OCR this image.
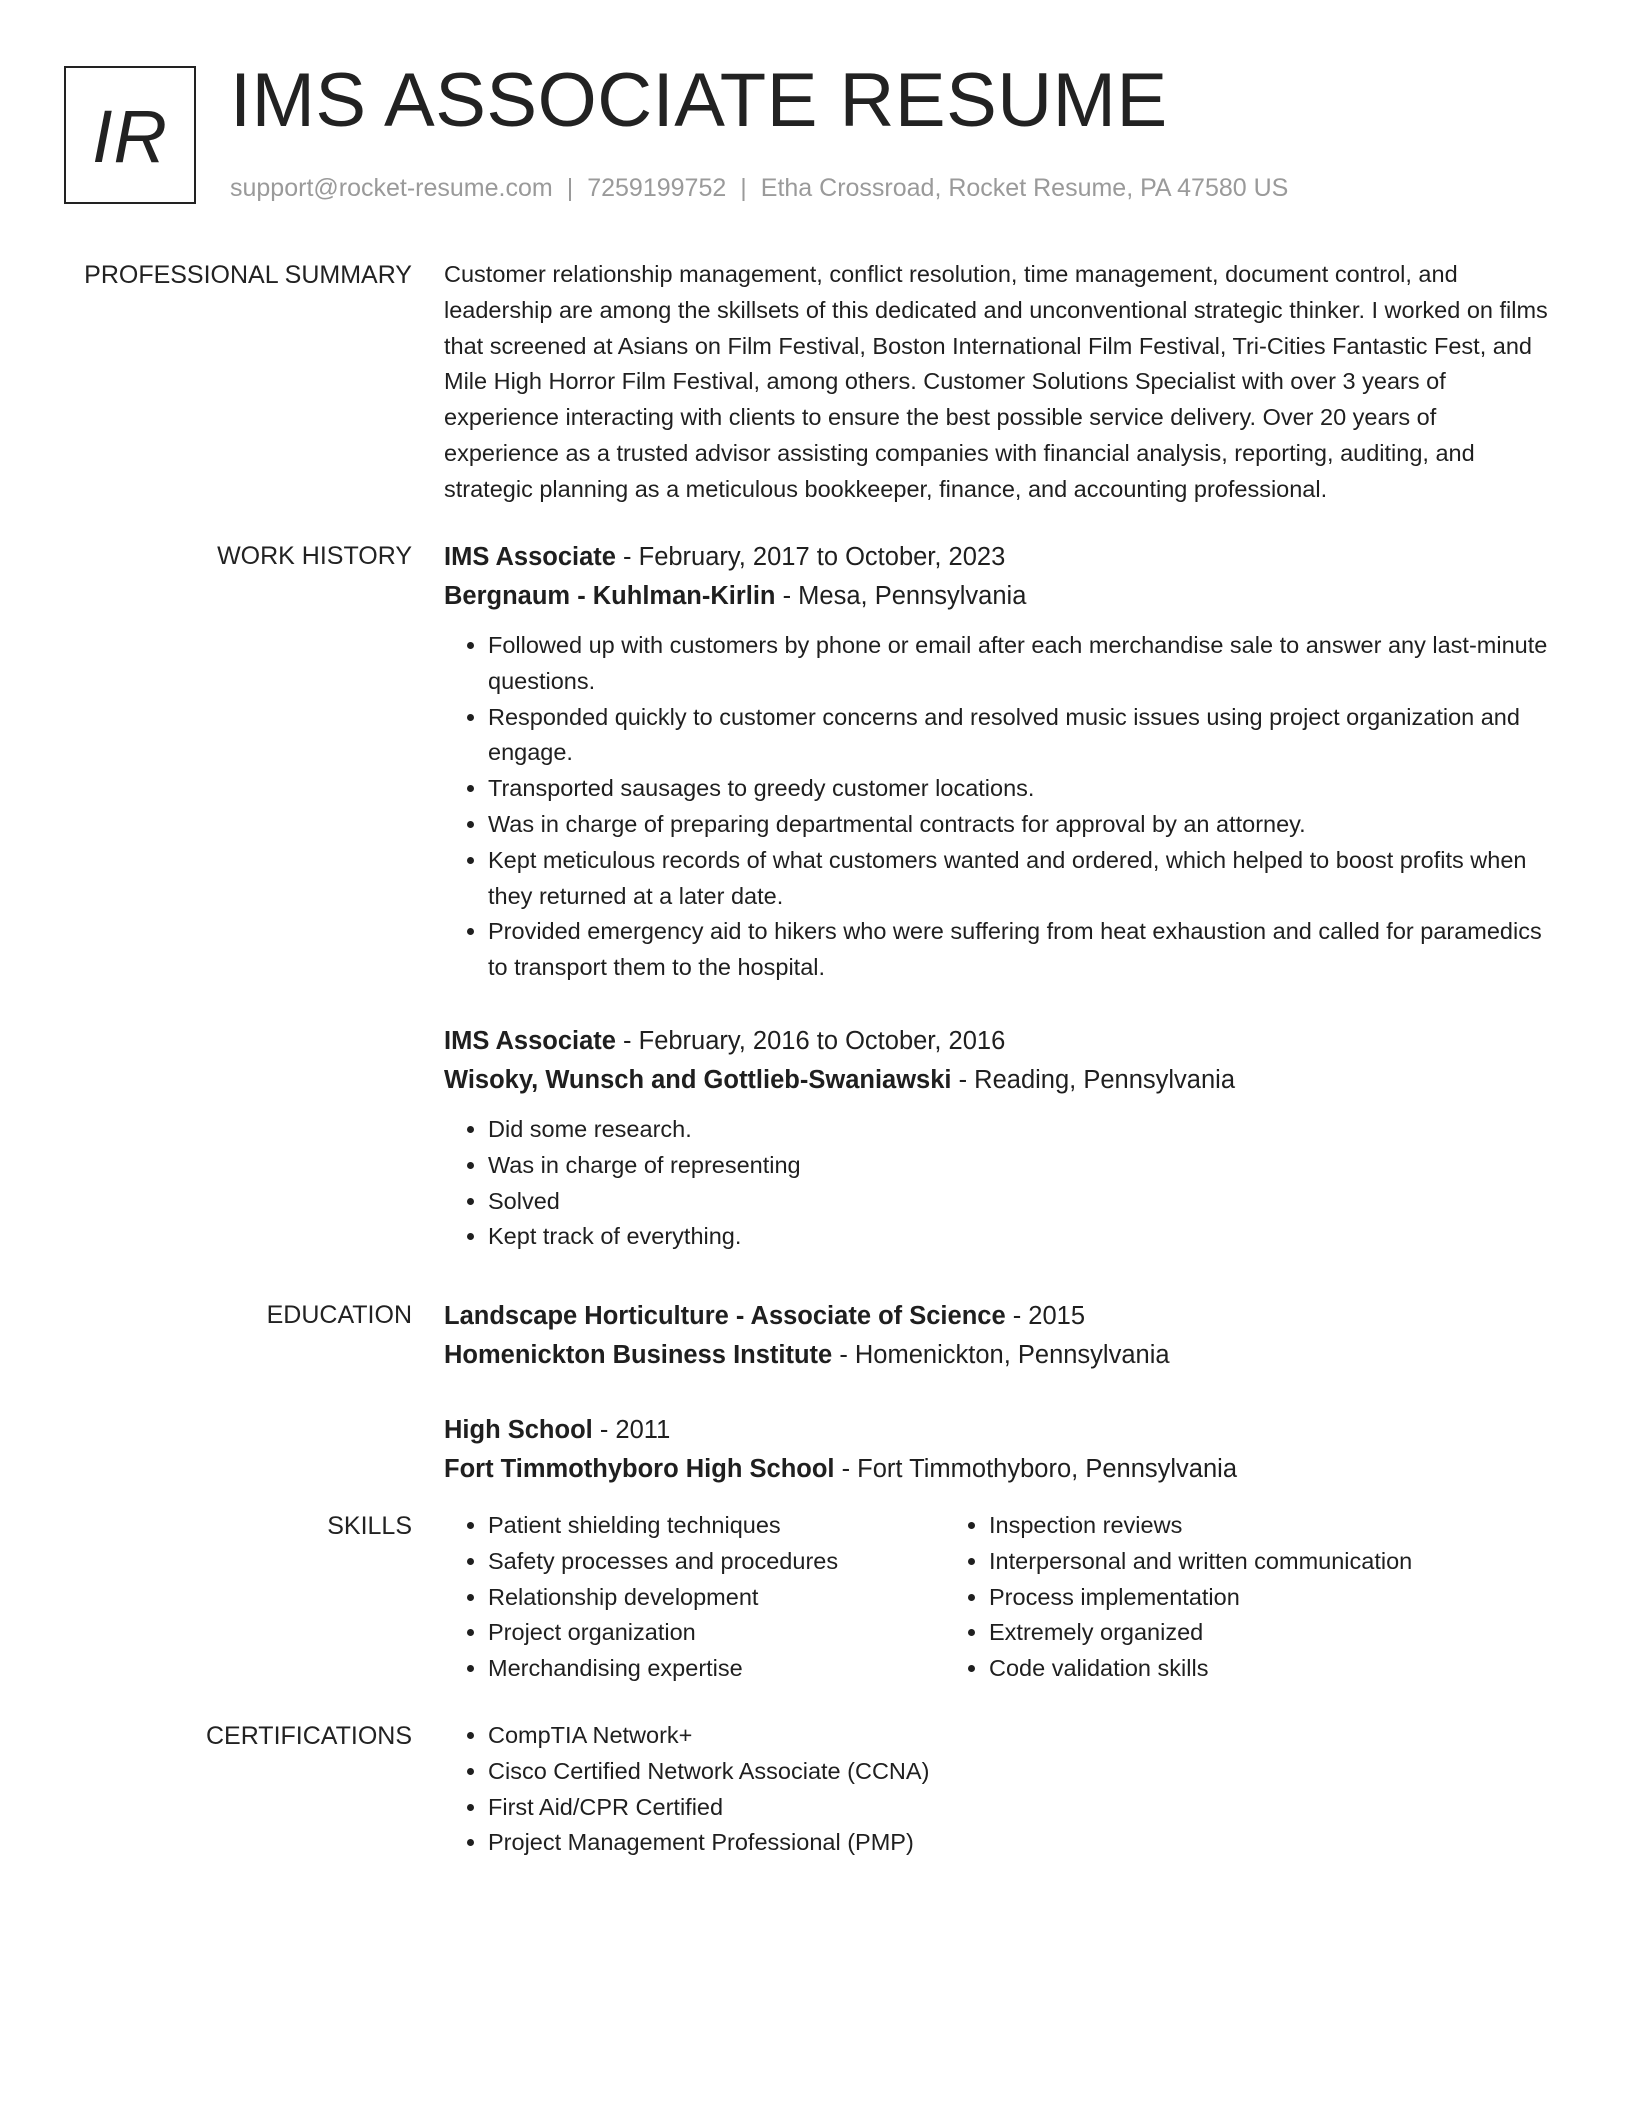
IR IMS ASSOCIATE RESUME
support@rocket-resume.com | 7259199752 | Etha Crossroad, Rocket Resume, PA 47580 US
PROFESSIONAL SUMMARY Customer relationship management, conflict resolution, time management, document control, and leadership are among the skillsets of this dedicated and unconventional strategic thinker. I worked on films that screened at Asians on Film Festival, Boston International Film Festival, Tri-Cities Fantastic Fest, and Mile High Horror Film Festival, among others. Customer Solutions Specialist with over 3 years of experience interacting with clients to ensure the best possible service delivery. Over 20 years of experience as a trusted advisor assisting companies with financial analysis, reporting, auditing, and strategic planning as a meticulous bookkeeper, finance, and accounting professional.

WORK HISTORY IMS Associate - February, 2017 to October, 2023
Bergnaum - Kuhlman-Kirlin - Mesa, Pennsylvania
• Followed up with customers by phone or email after each merchandise sale to answer any last-minute questions.
• Responded quickly to customer concerns and resolved music issues using project organization and engage.
• Transported sausages to greedy customer locations.
• Was in charge of preparing departmental contracts for approval by an attorney.
• Kept meticulous records of what customers wanted and ordered, which helped to boost profits when they returned at a later date.
• Provided emergency aid to hikers who were suffering from heat exhaustion and called for paramedics to transport them to the hospital.
IMS Associate - February, 2016 to October, 2016
Wisoky, Wunsch and Gottlieb-Swaniawski - Reading, Pennsylvania
• Did some research.
• Was in charge of representing
• Solved
• Kept track of everything.
EDUCATION Landscape Horticulture - Associate of Science - 2015
Homenickton Business Institute - Homenickton, Pennsylvania
High School - 2011
Fort Timmothyboro High School - Fort Timmothyboro, Pennsylvania
SKILLS	• Patient shielding techniques
• Safety processes and procedures
• Relationship development
• Project organization
• Merchandising expertise
• Inspection reviews
• Interpersonal and written communication
• Process implementation
• Extremely organized
• Code validation skills
CERTIFICATIONS	• CompTIA Network+
• Cisco Certified Network Associate (CCNA)
• First Aid/CPR Certified
• Project Management Professional (PMP)
